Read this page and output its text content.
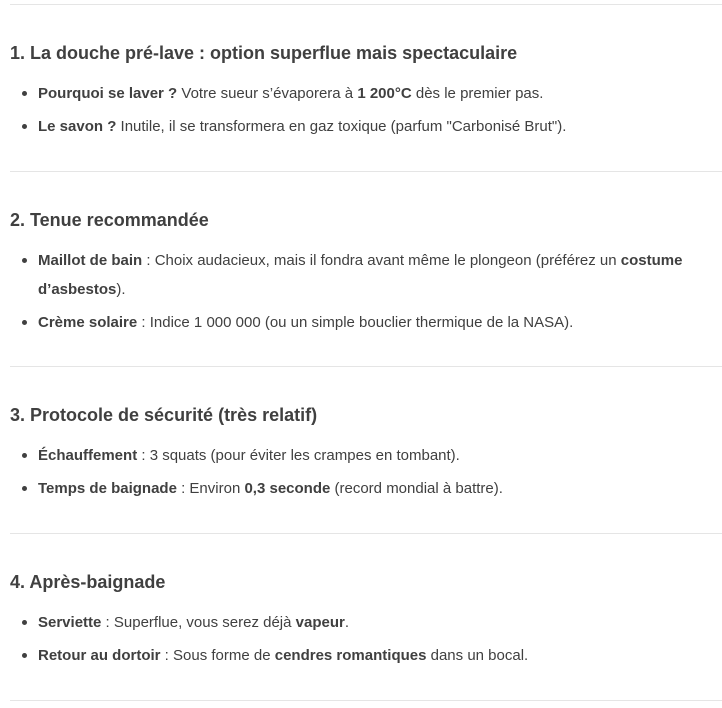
1. La douche pré-lave : option superflue mais spectaculaire
Pourquoi se laver ? Votre sueur s’évaporera à 1 200°C dès le premier pas.
Le savon ? Inutile, il se transformera en gaz toxique (parfum "Carbonisé Brut").
2. Tenue recommandée
Maillot de bain : Choix audacieux, mais il fondra avant même le plongeon (préférez un costume d’asbestos).
Crème solaire : Indice 1 000 000 (ou un simple bouclier thermique de la NASA).
3. Protocole de sécurité (très relatif)
Échauffement : 3 squats (pour éviter les crampes en tombant).
Temps de baignade : Environ 0,3 seconde (record mondial à battre).
4. Après-baignade
Serviette : Superflue, vous serez déjà vapeur.
Retour au dortoir : Sous forme de cendres romantiques dans un bocal.
